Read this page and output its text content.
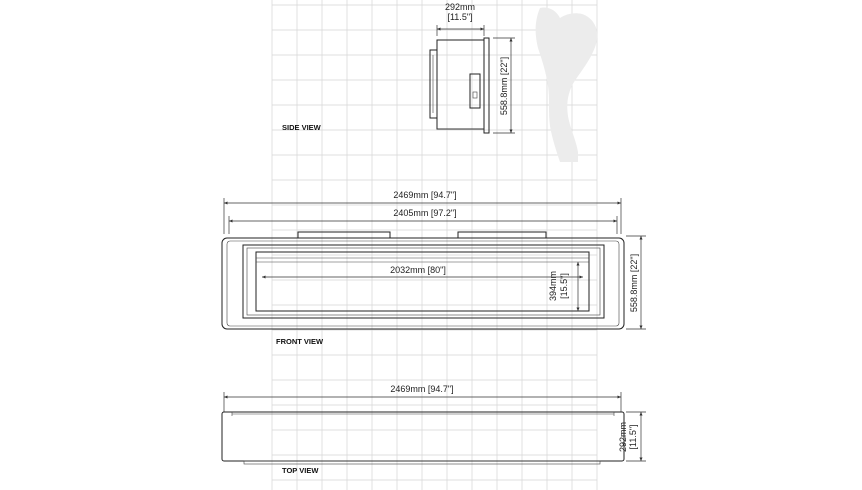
292mm
[11.5"]
558.8mm [22"]
SIDE VIEW
2469mm [94.7"]
2405mm [97.2"]
2032mm [80"]
394mm [15.5"]	558.8mm [22"]
FRONT VIEW
2469mm [94.7"]
292mm [11.5"]
TOP VIEW
